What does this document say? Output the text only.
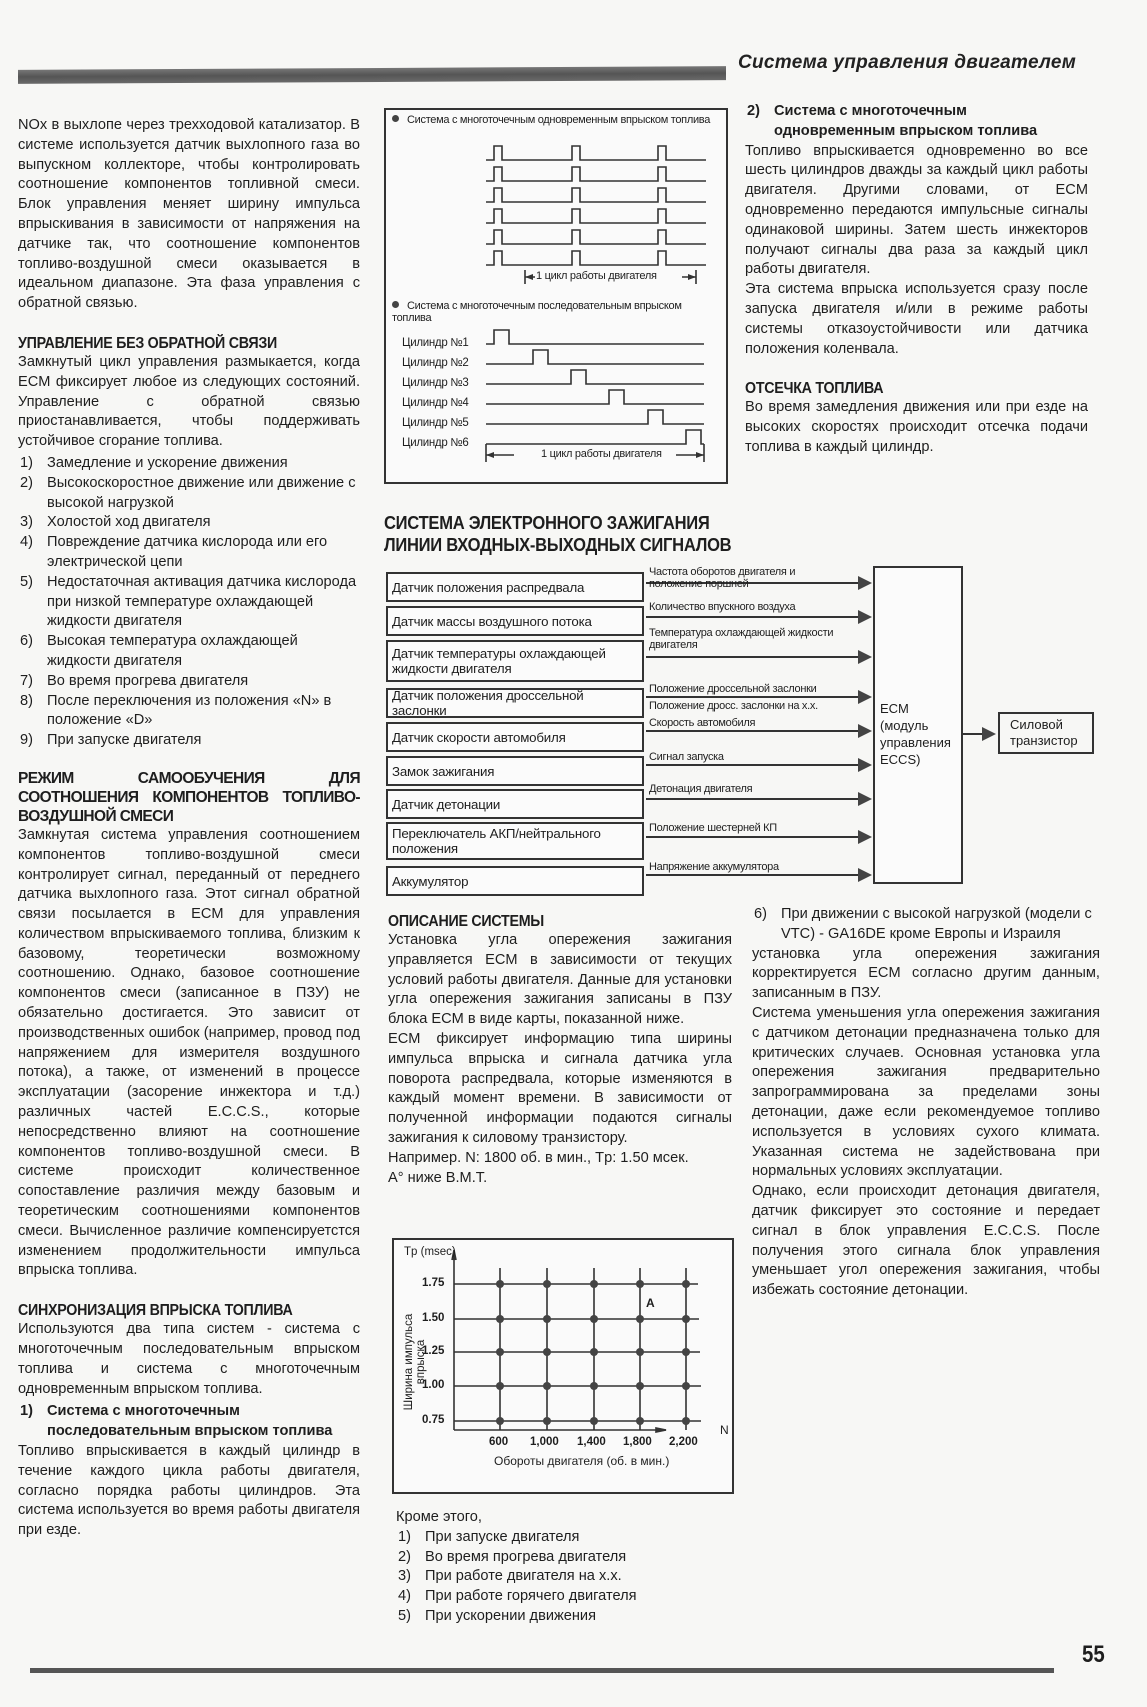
Система управления двигателем

NOx в выхлопе через трехходовой катализатор. В системе используется датчик выхлопного газа во выпускном коллекторе, чтобы контролировать соотношение компонентов топливной смеси. Блок управления меняет ширину импульса впрыскивания в зависимости от напряжения на датчике так, что соотношение компонентов топливо-воздушной смеси оказывается в идеальном диапазоне. Эта фаза управления с обратной связью.

УПРАВЛЕНИЕ БЕЗ ОБРАТНОЙ СВЯЗИ

Замкнутый цикл управления размыкается, когда ECM фиксирует любое из следующих состояний. Управление с обратной связью приостанавливается, чтобы поддерживать устойчивое сгорание топлива.

1) Замедление и ускорение движения
2) Высокоскоростное движение или движение с высокой нагрузкой
3) Холостой ход двигателя
4) Повреждение датчика кислорода или его электрической цепи
5) Недостаточная активация датчика кислорода при низкой температуре охлаждающей жидкости двигателя
6) Высокая температура охлаждающей жидкости двигателя
7) Во время прогрева двигателя
8) После переключения из положения «N» в положение «D»
9) При запуске двигателя
РЕЖИМ САМООБУЧЕНИЯ ДЛЯ СООТНОШЕНИЯ КОМПОНЕНТОВ ТОПЛИВО-ВОЗДУШНОЙ СМЕСИ

Замкнутая система управления соотношением компонентов топливо-воздушной смеси контролирует сигнал, переданный от переднего датчика выхлопного газа. Этот сигнал обратной связи посылается в ECM для управления количеством впрыскиваемого топлива, близким к базовому, теоретически возможному соотношению. Однако, базовое соотношение компонентов смеси (записанное в ПЗУ) не обязательно достигается. Это зависит от производственных ошибок (например, провод под напряжением для измерителя воздушного потока), а также, от изменений в процессе эксплуатации (засорение инжектора и т.д.) различных частей E.C.C.S., которые непосредственно влияют на соотношение компонентов топливо-воздушной смеси. В системе происходит количественное сопоставление различия между базовым и теоретическим соотношениями компонентов смеси. Вычисленное различие компенсируетстся изменением продолжительности импульса впрыска топлива.

СИНХРОНИЗАЦИЯ ВПРЫСКА ТОПЛИВА

Используются два типа систем - система с многоточечным последовательным впрыском топлива и система с многоточечным одновременным впрыском топлива.

1) Система с многоточечным последовательным впрыском топлива

Топливо впрыскивается в каждый цилиндр в течение каждого цикла работы двигателя, согласно порядка работы цилиндров. Эта система используется во время работы двигателя при езде.

Система с многоточечным одновременным впрыском топлива
1 цикл работы двигателя
Система с многоточечным последовательным впрыском топлива
Цилиндр №1
Цилиндр №2
Цилиндр №3
Цилиндр №4
Цилиндр №5
Цилиндр №6
1 цикл работы двигателя
2) Система с многоточечным одновременным впрыском топлива

Топливо впрыскивается одновременно во все шесть цилиндров дважды за каждый цикл работы двигателя. Другими словами, от ECM одновременно передаются импульсные сигналы одинаковой ширины. Затем шесть инжекторов получают сигналы два раза за каждый цикл работы двигателя.

Эта система впрыска используется сразу после запуска двигателя и/или в режиме работы системы отказоустойчивости или датчика положения коленвала.

ОТСЕЧКА ТОПЛИВА

Во время замедления движения или при езде на высоких скоростях происходит отсечка подачи топлива в каждый цилиндр.

СИСТЕМА ЭЛЕКТРОННОГО ЗАЖИГАНИЯ
ЛИНИИ ВХОДНЫХ-ВЫХОДНЫХ СИГНАЛОВ
Датчик положения распредвала
Датчик массы воздушного потока
Датчик температуры охлаждающей жидкости двигателя
Датчик положения дроссельной заслонки
Датчик скорости автомобиля
Замок зажигания
Датчик детонации
Переключатель АКП/нейтрального положения
Аккумулятор
Частота оборотов двигателя и положение поршней
Количество впускного воздуха
Температура охлаждающей жидкости двигателя
Положение дроссельной заслонки
Положение дросс. заслонки на х.х.
Скорость автомобиля
Сигнал запуска
Детонация двигателя
Положение шестерней КП
Напряжение аккумулятора
ECM (модуль управления ECCS)
Силовой транзистор
ОПИСАНИЕ СИСТЕМЫ

Установка угла опережения зажигания управляется ECM в зависимости от текущих условий работы двигателя. Данные для установки угла опережения зажигания записаны в ПЗУ блока ECM в виде карты, показанной ниже.

ECM фиксирует информацию типа ширины импульса впрыска и сигнала датчика угла поворота распредвала, которые изменяются в каждый момент времени. В зависимости от полученной информации подаются сигналы зажигания к силовому транзистору.

Например. N: 1800 об. в мин., Tp: 1.50 мсек.

A° ниже B.M.T.

Tp (msec)
1.75
1.50
1.25
1.00
0.75
Ширина импульса впрыска
600 1,000 1,400 1,800 2,200
N
Обороты двигателя (об. в мин.)
A

Кроме этого,

1) При запуске двигателя
2) Во время прогрева двигателя
3) При работе двигателя на х.х.
4) При работе горячего двигателя
5) При ускорении движения
6) При движении с высокой нагрузкой (модели с VTC) - GA16DE кроме Европы и Израиля

установка угла опережения зажигания корректируется ECM согласно другим данным, записанным в ПЗУ.

Система уменьшения угла опережения зажигания с датчиком детонации предназначена только для критических случаев. Основная установка угла опережения зажигания предварительно запрограммирована за пределами зоны детонации, даже если рекомендуемое топливо используется в условиях сухого климата. Указанная система не задействована при нормальных условиях эксплуатации.

Однако, если происходит детонация двигателя, датчик фиксирует это состояние и передает сигнал в блок управления E.C.C.S. После получения этого сигнала блок управления уменьшает угол опережения зажигания, чтобы избежать состояние детонации.

55
